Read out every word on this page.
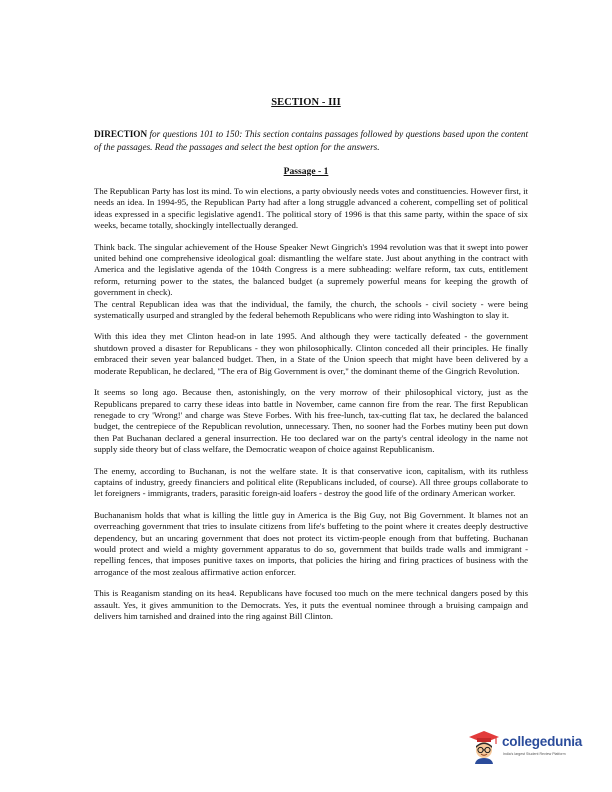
SECTION - III
DIRECTION for questions 101 to 150: This section contains passages followed by questions based upon the content of the passages. Read the passages and select the best option for the answers.
Passage - 1

The Republican Party has lost its mind. To win elections, a party obviously needs votes and constituencies. However first, it needs an idea. In 1994-95, the Republican Party had after a long struggle advanced a coherent, compelling set of political ideas expressed in a specific legislative agend1. The political story of 1996 is that this same party, within the space of six weeks, became totally, shockingly intellectually deranged.

Think back. The singular achievement of the House Speaker Newt Gingrich's 1994 revolution was that it swept into power united behind one comprehensive ideological goal: dismantling the welfare state. Just about anything in the contract with America and the legislative agenda of the 104th Congress is a mere subheading: welfare reform, tax cuts, entitlement reform, returning power to the states, the balanced budget (a supremely powerful means for keeping the growth of government in check).

The central Republican idea was that the individual, the family, the church, the schools - civil society - were being systematically usurped and strangled by the federal behemoth Republicans who were riding into Washington to slay it.

With this idea they met Clinton head-on in late 1995. And although they were tactically defeated - the government shutdown proved a disaster for Republicans - they won philosophically. Clinton conceded all their principles. He finally embraced their seven year balanced budget. Then, in a State of the Union speech that might have been delivered by a moderate Republican, he declared, "The era of Big Government is over," the dominant theme of the Gingrich Revolution.

It seems so long ago. Because then, astonishingly, on the very morrow of their philosophical victory, just as the Republicans prepared to carry these ideas into battle in November, came cannon fire from the rear. The first Republican renegade to cry 'Wrong!' and charge was Steve Forbes. With his free-lunch, tax-cutting flat tax, he declared the balanced budget, the centrepiece of the Republican revolution, unnecessary. Then, no sooner had the Forbes mutiny been put down then Pat Buchanan declared a general insurrection. He too declared war on the party's central ideology in the name not supply side theory but of class welfare, the Democratic weapon of choice against Republicanism.

The enemy, according to Buchanan, is not the welfare state. It is that conservative icon, capitalism, with its ruthless captains of industry, greedy financiers and political elite (Republicans included, of course). All three groups collaborate to let foreigners - immigrants, traders, parasitic foreign-aid loafers - destroy the good life of the ordinary American worker.

Buchananism holds that what is killing the little guy in America is the Big Guy, not Big Government. It blames not an overreaching government that tries to insulate citizens from life's buffeting to the point where it creates deeply destructive dependency, but an uncaring government that does not protect its victim-people enough from that buffeting. Buchanan would protect and wield a mighty government apparatus to do so, government that builds trade walls and immigrant - repelling fences, that imposes punitive taxes on imports, that policies the hiring and firing practices of business with the arrogance of the most zealous affirmative action enforcer.

This is Reaganism standing on its hea4. Republicans have focused too much on the mere technical dangers posed by this assault. Yes, it gives ammunition to the Democrats. Yes, it puts the eventual nominee through a bruising campaign and delivers him tarnished and drained into the ring against Bill Clinton.

collegedunia
India's largest Student Review Platform
